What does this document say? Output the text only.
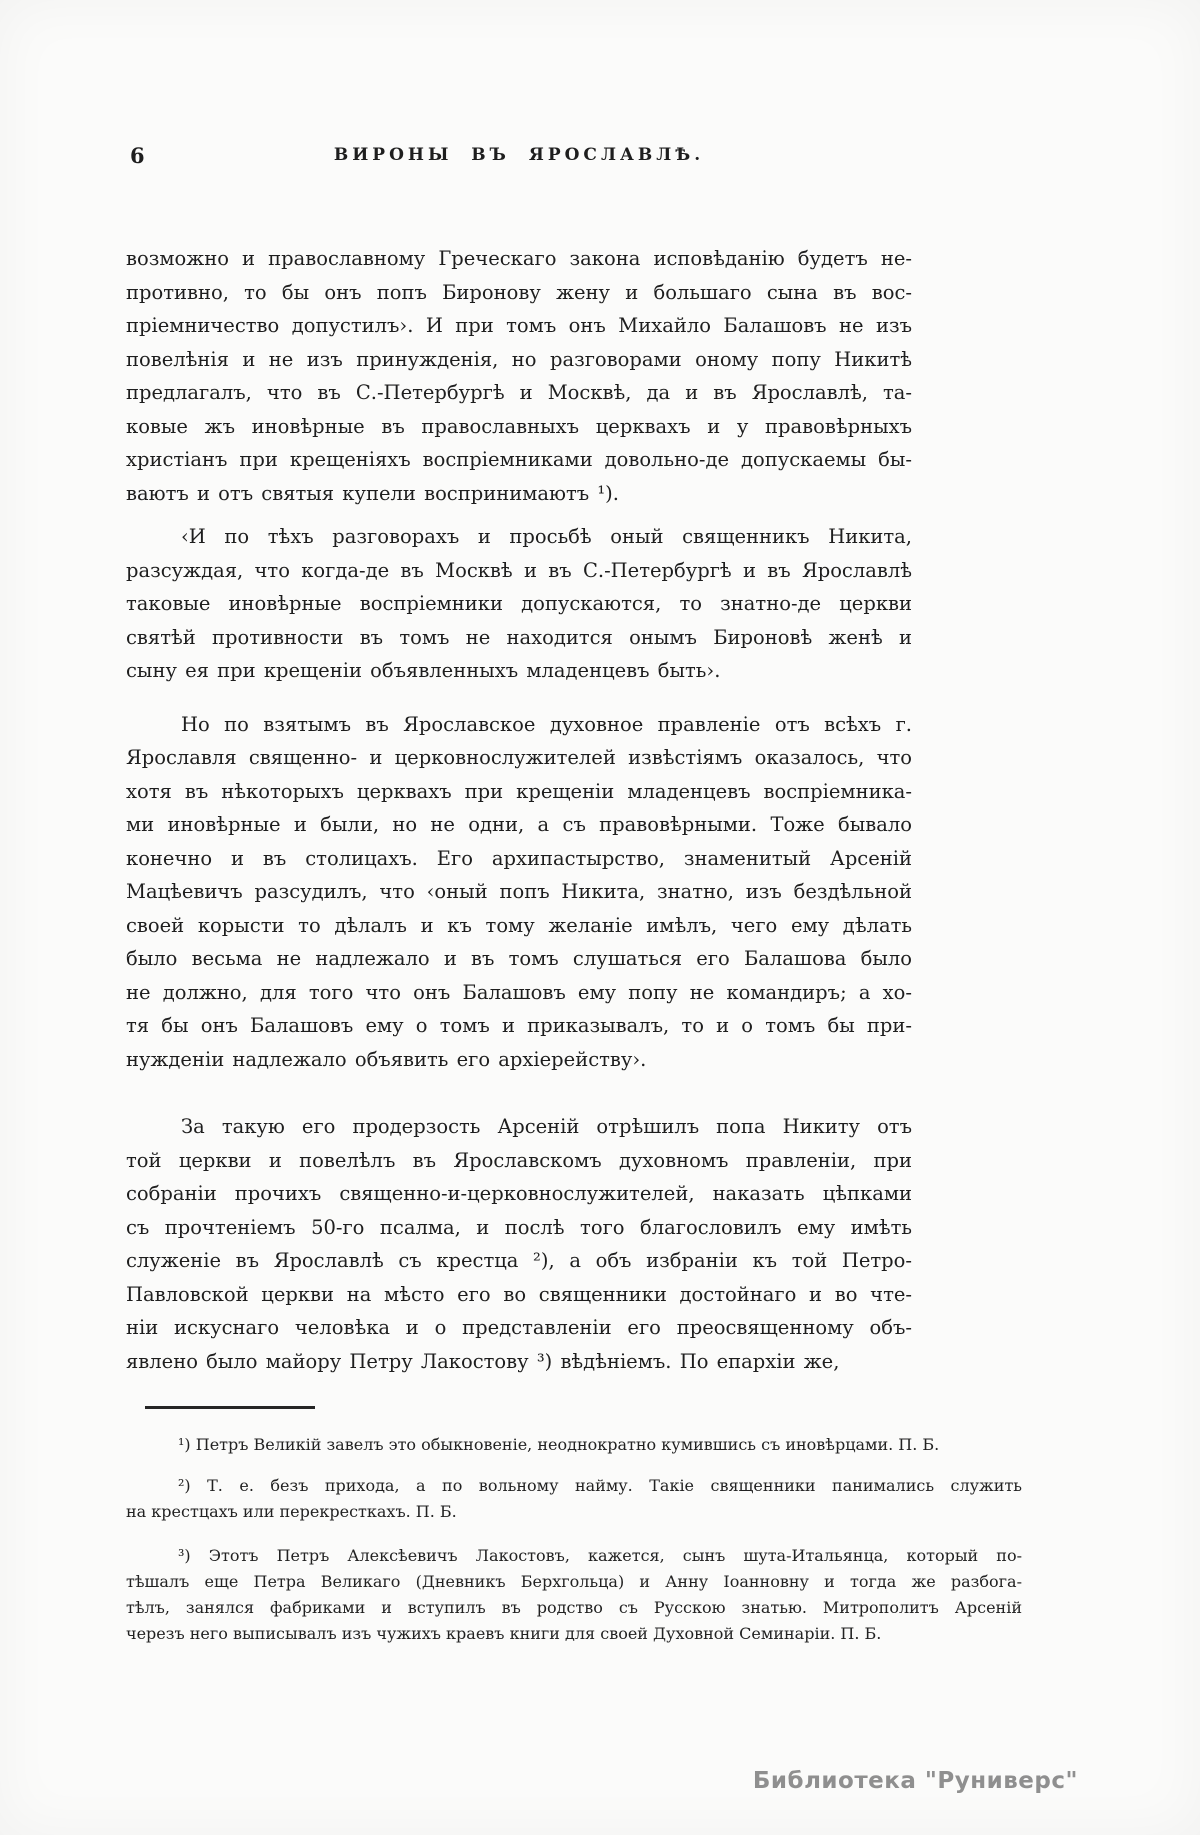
6	ВИРОНЫ ВЪ ЯРОСЛАВЛѢ.
возможно и православному Греческаго закона исповѣданію будетъ не-
противно, то бы онъ попъ Биронову жену и большаго сына въ вос-
пріемничество допустилъ›. И при томъ онъ Михайло Балашовъ не изъ
повелѣнія и не изъ принужденія, но разговорами оному попу Никитѣ
предлагалъ, что въ С.-Петербургѣ и Москвѣ, да и въ Ярославлѣ, та-
ковые жъ иновѣрные въ православныхъ церквахъ и у правовѣрныхъ
христіанъ при крещеніяхъ воспріемниками довольно-де допускаемы бы-
ваютъ и отъ святыя купели воспринимаютъ ¹).
‹И по тѣхъ разговорахъ и просьбѣ оный священникъ Никита,
разсуждая, что когда-де въ Москвѣ и въ С.-Петербургѣ и въ Ярославлѣ
таковые иновѣрные воспріемники допускаются, то знатно-де церкви
святѣй противности въ томъ не находится онымъ Бироновѣ женѣ и
сыну ея при крещеніи объявленныхъ младенцевъ быть›.
Но по взятымъ въ Ярославское духовное правленіе отъ всѣхъ г.
Ярославля священно- и церковнослужителей извѣстіямъ оказалось, что
хотя въ нѣкоторыхъ церквахъ при крещеніи младенцевъ воспріемника-
ми иновѣрные и были, но не одни, а съ правовѣрными. Тоже бывало
конечно и въ столицахъ. Его архипастырство, знаменитый Арсеній
Мацѣевичъ разсудилъ, что ‹оный попъ Никита, знатно, изъ бездѣльной
своей корысти то дѣлалъ и къ тому желаніе имѣлъ, чего ему дѣлать
было весьма не надлежало и въ томъ слушаться его Балашова было
не должно, для того что онъ Балашовъ ему попу не командиръ; а хо-
тя бы онъ Балашовъ ему о томъ и приказывалъ, то и о томъ бы при-
нужденіи надлежало объявить его архіерейству›.
За такую его продерзость Арсеній отрѣшилъ попа Никиту отъ
той церкви и повелѣлъ въ Ярославскомъ духовномъ правленіи, при
собраніи прочихъ священно-и-церковнослужителей, наказать цѣпками
съ прочтеніемъ 50-го псалма, и послѣ того благословилъ ему имѣть
служеніе въ Ярославлѣ съ крестца ²), а объ избраніи къ той Петро-
Павловской церкви на мѣсто его во священники достойнаго и во чте-
ніи искуснаго человѣка и о представленіи его преосвященному объ-
явлено было майору Петру Лакостову ³) вѣдѣніемъ. По епархіи же,
¹) Петръ Великій завелъ это обыкновеніе, неоднократно кумившись съ иновѣрцами. П. Б.
²) Т. е. безъ прихода, а по вольному найму. Такіе священники панимались служить
на крестцахъ или перекресткахъ. П. Б.
³) Этотъ Петръ Алексѣевичъ Лакостовъ, кажется, сынъ шута-Итальянца, который по-
тѣшалъ еще Петра Великаго (Дневникъ Берхгольца) и Анну Іоанновну и тогда же разбога-
тѣлъ, занялся фабриками и вступилъ въ родство съ Русскою знатью. Митрополитъ Арсеній
черезъ него выписывалъ изъ чужихъ краевъ книги для своей Духовной Семинаріи. П. Б.
Библиотека "Руниверс"
